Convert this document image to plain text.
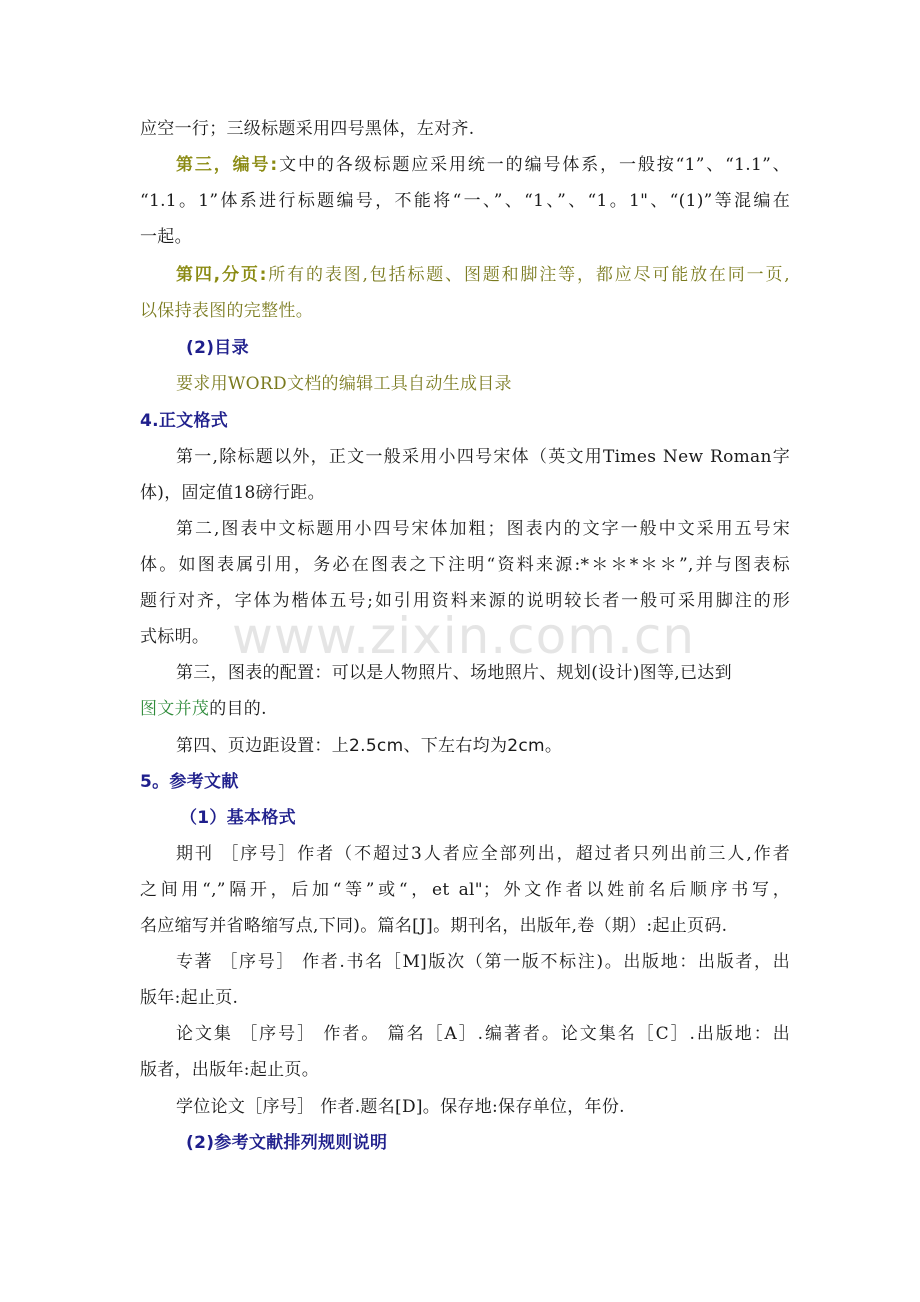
应空一行；三级标题采用四号黑体，左对齐.
第三，编号:文中的各级标题应采用统一的编号体系，一般按“1”、“1.1”、
“1.1。1”体系进行标题编号，不能将“一、”、“1、”、“1。1"、“(1)”等混编在
一起。
第四,分页:所有的表图,包括标题、图题和脚注等，都应尽可能放在同一页,
以保持表图的完整性。
(2)目录
要求用WORD文档的编辑工具自动生成目录
4.正文格式
第一,除标题以外，正文一般采用小四号宋体（英文用Times New Roman字
体)，固定值18磅行距。
第二,图表中文标题用小四号宋体加粗；图表内的文字一般中文采用五号宋
体。如图表属引用，务必在图表之下注明“资料来源:*＊＊*＊＊”,并与图表标
题行对齐，字体为楷体五号;如引用资料来源的说明较长者一般可采用脚注的形
式标明。
第三，图表的配置：可以是人物照片、场地照片、规划(设计)图等,已达到
图文并茂的目的.
第四、页边距设置：上2.5cm、下左右均为2cm。
5。参考文献
（1）基本格式
期刊 ［序号］作者（不超过3人者应全部列出，超过者只列出前三人,作者
之间用“,”隔开，后加“等”或“，et al"；外文作者以姓前名后顺序书写，
名应缩写并省略缩写点,下同)。篇名[J]。期刊名，出版年,卷（期）:起止页码.
专著 ［序号］ 作者.书名［M]版次（第一版不标注)。出版地：出版者，出
版年:起止页.
论文集 ［序号］ 作者。 篇名［A］.编著者。论文集名［C］.出版地：出
版者，出版年:起止页。
学位论文［序号］ 作者.题名[D]。保存地:保存单位，年份.
(2)参考文献排列规则说明
www.zixin.com.cn
